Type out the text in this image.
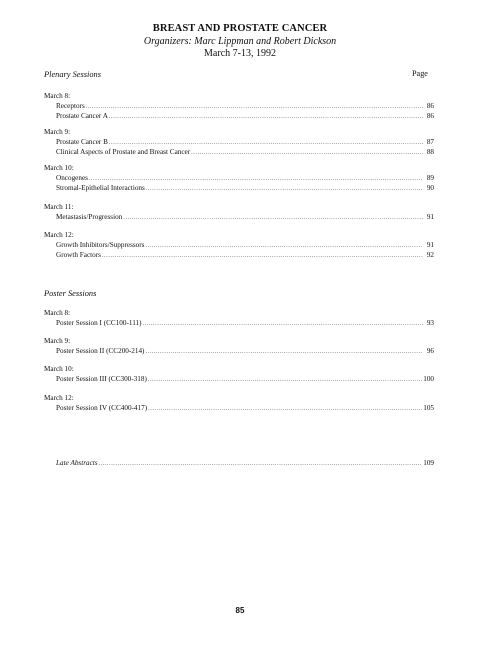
BREAST AND PROSTATE CANCER
Organizers: Marc Lippman and Robert Dickson
March 7-13, 1992
Plenary Sessions	Page
March 8:
Receptors .....	86
Prostate Cancer A .....	86
March 9:
Prostate Cancer B .....	87
Clinical Aspects of Prostate and Breast Cancer .....	88
March 10:
Oncogenes .....	89
Stromal-Epithelial Interactions .....	90
March 11:
Metastasis/Progression .....	91
March 12:
Growth Inhibitors/Suppressors .....	91
Growth Factors .....	92
Poster Sessions
March 8:
Poster Session I (CC100-111) .....	93
March 9:
Poster Session II (CC200-214) .....	96
March 10:
Poster Session III (CC300-318) .....	100
March 12:
Poster Session IV (CC400-417) .....	105
Late Abstracts .....	109
85
